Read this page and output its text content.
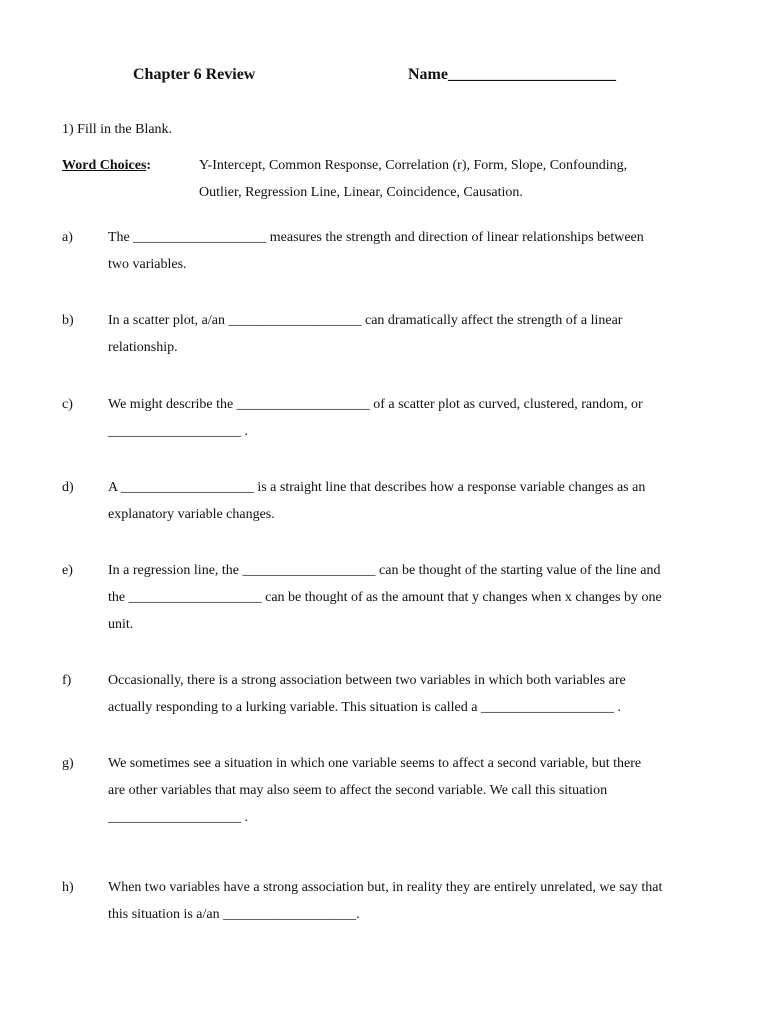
Chapter 6 Review	Name_____________________
1) Fill in the Blank.
Word Choices:	Y-Intercept, Common Response, Correlation (r), Form, Slope, Confounding,
Outlier, Regression Line, Linear, Coincidence, Causation.
a)	The ___________________ measures the strength and direction of linear relationships between
two variables.
b) In a scatter plot, a/an ___________________ can dramatically affect the strength of a linear
relationship.
c)	We might describe the ___________________ of a scatter plot as curved, clustered, random, or
___________________ .
d) A ___________________ is a straight line that describes how a response variable changes as an
explanatory variable changes.
e)	In a regression line, the ___________________ can be thought of the starting value of the line and
the ___________________ can be thought of as the amount that y changes when x changes by one
unit.
f)	Occasionally, there is a strong association between two variables in which both variables are
actually responding to a lurking variable. This situation is called a ___________________ .
g) We sometimes see a situation in which one variable seems to affect a second variable, but there
are other variables that may also seem to affect the second variable. We call this situation
___________________ .
h) When two variables have a strong association but, in reality they are entirely unrelated, we say that
this situation is a/an ___________________.
